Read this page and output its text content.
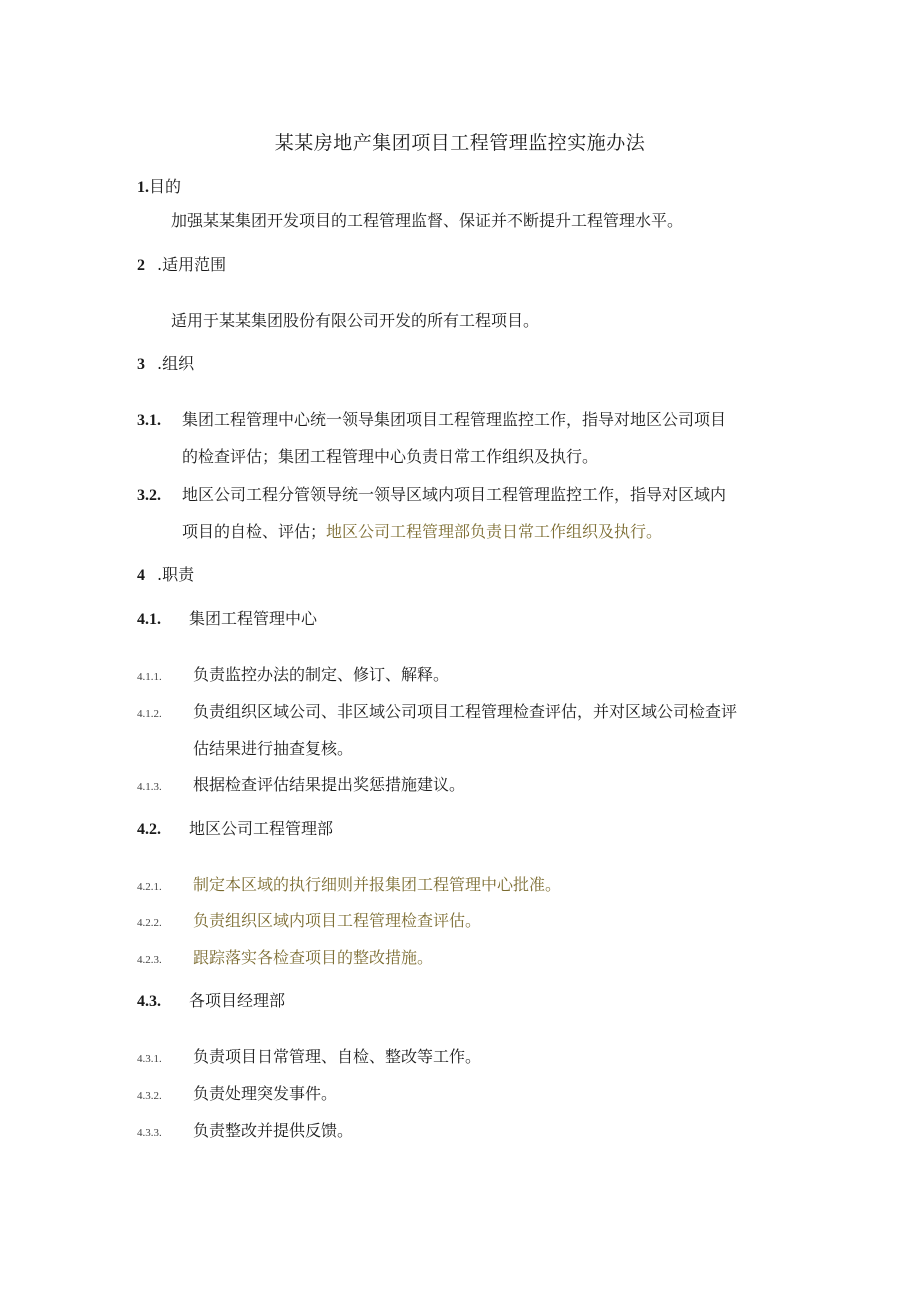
某某房地产集团项目工程管理监控实施办法
1.目的
加强某某集团开发项目的工程管理监督、保证并不断提升工程管理水平。
2 .适用范围
适用于某某集团股份有限公司开发的所有工程项目。
3 .组织
3.1. 集团工程管理中心统一领导集团项目工程管理监控工作，指导对地区公司项目
的检查评估；集团工程管理中心负责日常工作组织及执行。
3.2. 地区公司工程分管领导统一领导区域内项目工程管理监控工作，指导对区域内
项目的自检、评估；地区公司工程管理部负责日常工作组织及执行。
4 .职责
4.1. 集团工程管理中心
4.1.1. 负责监控办法的制定、修订、解释。
4.1.2. 负责组织区域公司、非区域公司项目工程管理检查评估，并对区域公司检查评
估结果进行抽查复核。
4.1.3. 根据检查评估结果提出奖惩措施建议。
4.2. 地区公司工程管理部
4.2.1. 制定本区域的执行细则并报集团工程管理中心批准。
4.2.2. 负责组织区域内项目工程管理检查评估。
4.2.3. 跟踪落实各检查项目的整改措施。
4.3. 各项目经理部
4.3.1. 负责项目日常管理、自检、整改等工作。
4.3.2. 负责处理突发事件。
4.3.3. 负责整改并提供反馈。
